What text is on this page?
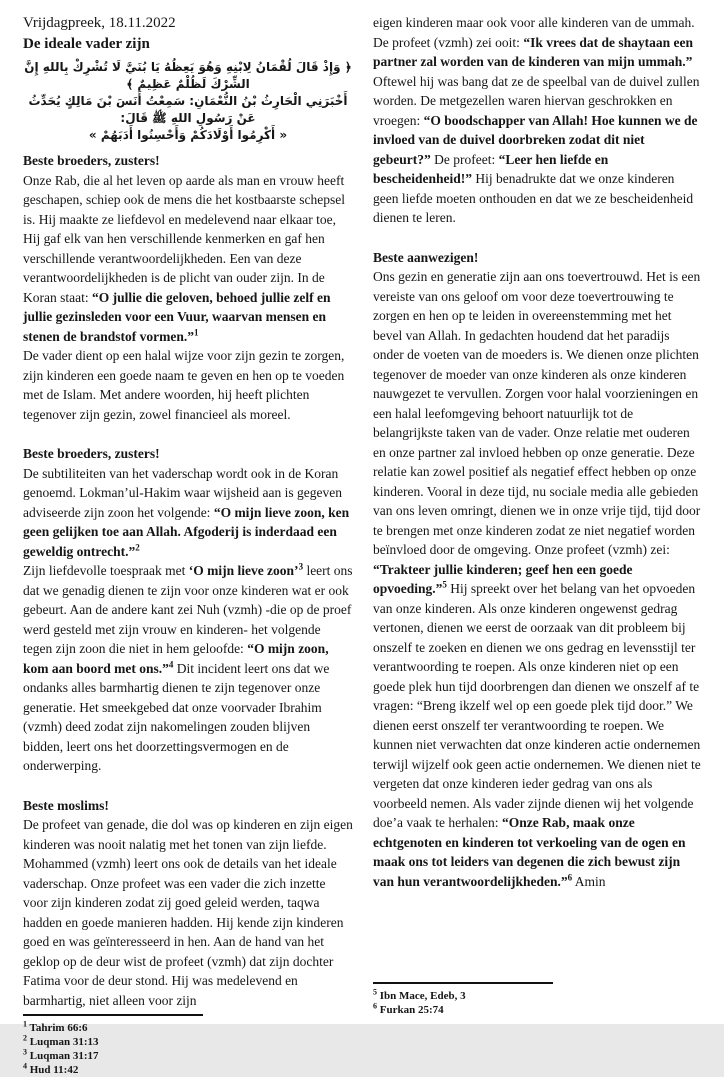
Vrijdagpreek, 18.11.2022
De ideale vader zijn
﴿ وَإِذْ قَالَ لُقْمَانُ لِابْنِهِ وَهُوَ يَعِظُهُ يَا بُنَيَّ لَا تُشْرِكْ بِاللهِ إِنَّ الشِّرْكَ لَظُلْمٌ عَظِيمٌ ﴾
أَخْبَرَنِي الْحَارِثُ بْنُ النُّعْمَانِ: سَمِعْتُ أَنَسَ بْنَ مَالِكٍ يُحَدِّثُ عَنْ رَسُولِ اللهِ ﷺ قَالَ:
« أَكْرِمُوا أَوْلَادَكُمْ وَأَحْسِنُوا أَدَبَهُمْ »
Beste broeders, zusters!

Onze Rab, die al het leven op aarde als man en vrouw heeft geschapen, schiep ook de mens die het kostbaarste schepsel is. Hij maakte ze liefdevol en medelevend naar elkaar toe, Hij gaf elk van hen verschillende kenmerken en gaf hen verschillende verantwoordelijkheden. Een van deze verantwoordelijkheden is de plicht van ouder zijn. In de Koran staat: “O jullie die geloven, behoed jullie zelf en jullie gezinsleden voor een Vuur, waarvan mensen en stenen de brandstof vormen.”$^1$
De vader dient op een halal wijze voor zijn gezin te zorgen, zijn kinderen een goede naam te geven en hen op te voeden met de Islam. Met andere woorden, hij heeft plichten tegenover zijn gezin, zowel financieel als moreel.

Beste broeders, zusters!

De subtiliteiten van het vaderschap wordt ook in de Koran genoemd. Lokman’ul-Hakim waar wijsheid aan is gegeven adviseerde zijn zoon het volgende: “O mijn lieve zoon, ken geen gelijken toe aan Allah. Afgoderij is inderdaad een geweldig ontrecht.”$^2$
Zijn liefdevolle toespraak met ‘O mijn lieve zoon’$^3$ leert ons dat we genadig dienen te zijn voor onze kinderen wat er ook gebeurt. Aan de andere kant zei Nuh (vzmh) -die op de proef werd gesteld met zijn vrouw en kinderen- het volgende tegen zijn zoon die niet in hem geloofde: “O mijn zoon, kom aan boord met ons.”$^4$ Dit incident leert ons dat we ondanks alles barmhartig dienen te zijn tegenover onze generatie. Het smeekgebed dat onze voorvader Ibrahim (vzmh) deed zodat zijn nakomelingen zouden blijven bidden, leert ons het doorzettingsvermogen en de onderwerping.

Beste moslims!

De profeet van genade, die dol was op kinderen en zijn eigen kinderen was nooit nalatig met het tonen van zijn liefde. Mohammed (vzmh) leert ons ook de details van het ideale vaderschap. Onze profeet was een vader die zich inzette voor zijn kinderen zodat zij goed geleid werden, taqwa hadden en goede manieren hadden. Hij kende zijn kinderen goed en was geïnteresseerd in hen. Aan de hand van het geklop op de deur wist de profeet (vzmh) dat zijn dochter Fatima voor de deur stond. Hij was medelevend en barmhartig, niet alleen voor zijn

$^1$ Tahrim 66:6
$^2$ Luqman 31:13
$^3$ Luqman 31:17
$^4$ Hud 11:42

eigen kinderen maar ook voor alle kinderen van de ummah. De profeet (vzmh) zei ooit: “Ik vrees dat de shaytaan een partner zal worden van de kinderen van mijn ummah.” Oftewel hij was bang dat ze de speelbal van de duivel zullen worden. De metgezellen waren hiervan geschrokken en vroegen: “O boodschapper van Allah! Hoe kunnen we de invloed van de duivel doorbreken zodat dit niet gebeurt?” De profeet: “Leer hen liefde en bescheidenheid!” Hij benadrukte dat we onze kinderen geen liefde moeten onthouden en dat we ze bescheidenheid dienen te leren.

Beste aanwezigen!

Ons gezin en generatie zijn aan ons toevertrouwd. Het is een vereiste van ons geloof om voor deze toevertrouwing te zorgen en hen op te leiden in overeenstemming met het bevel van Allah. In gedachten houdend dat het paradijs onder de voeten van de moeders is. We dienen onze plichten tegenover de moeder van onze kinderen als onze kinderen nauwgezet te vervullen. Zorgen voor halal voorzieningen en een halal leefomgeving behoort natuurlijk tot de belangrijkste taken van de vader. Onze relatie met ouderen en onze partner zal invloed hebben op onze generatie. Deze relatie kan zowel positief als negatief effect hebben op onze kinderen. Vooral in deze tijd, nu sociale media alle gebieden van ons leven omringt, dienen we in onze vrije tijd, tijd door te brengen met onze kinderen zodat ze niet negatief worden beïnvloed door de omgeving. Onze profeet (vzmh) zei: “Trakteer jullie kinderen; geef hen een goede opvoeding.”$^5$ Hij spreekt over het belang van het opvoeden van onze kinderen. Als onze kinderen ongewenst gedrag vertonen, dienen we eerst de oorzaak van dit probleem bij onszelf te zoeken en dienen we ons gedrag en levensstijl ter verantwoording te roepen. Als onze kinderen niet op een goede plek hun tijd doorbrengen dan dienen we onszelf af te vragen: “Breng ikzelf wel op een goede plek tijd door.” We dienen eerst onszelf ter verantwoording te roepen. We kunnen niet verwachten dat onze kinderen actie ondernemen terwijl wijzelf ook geen actie ondernemen. We dienen niet te vergeten dat onze kinderen ieder gedrag van ons als voorbeeld nemen. Als vader zijnde dienen wij het volgende doe’a vaak te herhalen: “Onze Rab, maak onze echtgenoten en kinderen tot verkoeling van de ogen en maak ons tot leiders van degenen die zich bewust zijn van hun verantwoordelijkheden.”$^6$ Amin

$^5$ Ibn Mace, Edeb, 3
$^6$ Furkan 25:74
